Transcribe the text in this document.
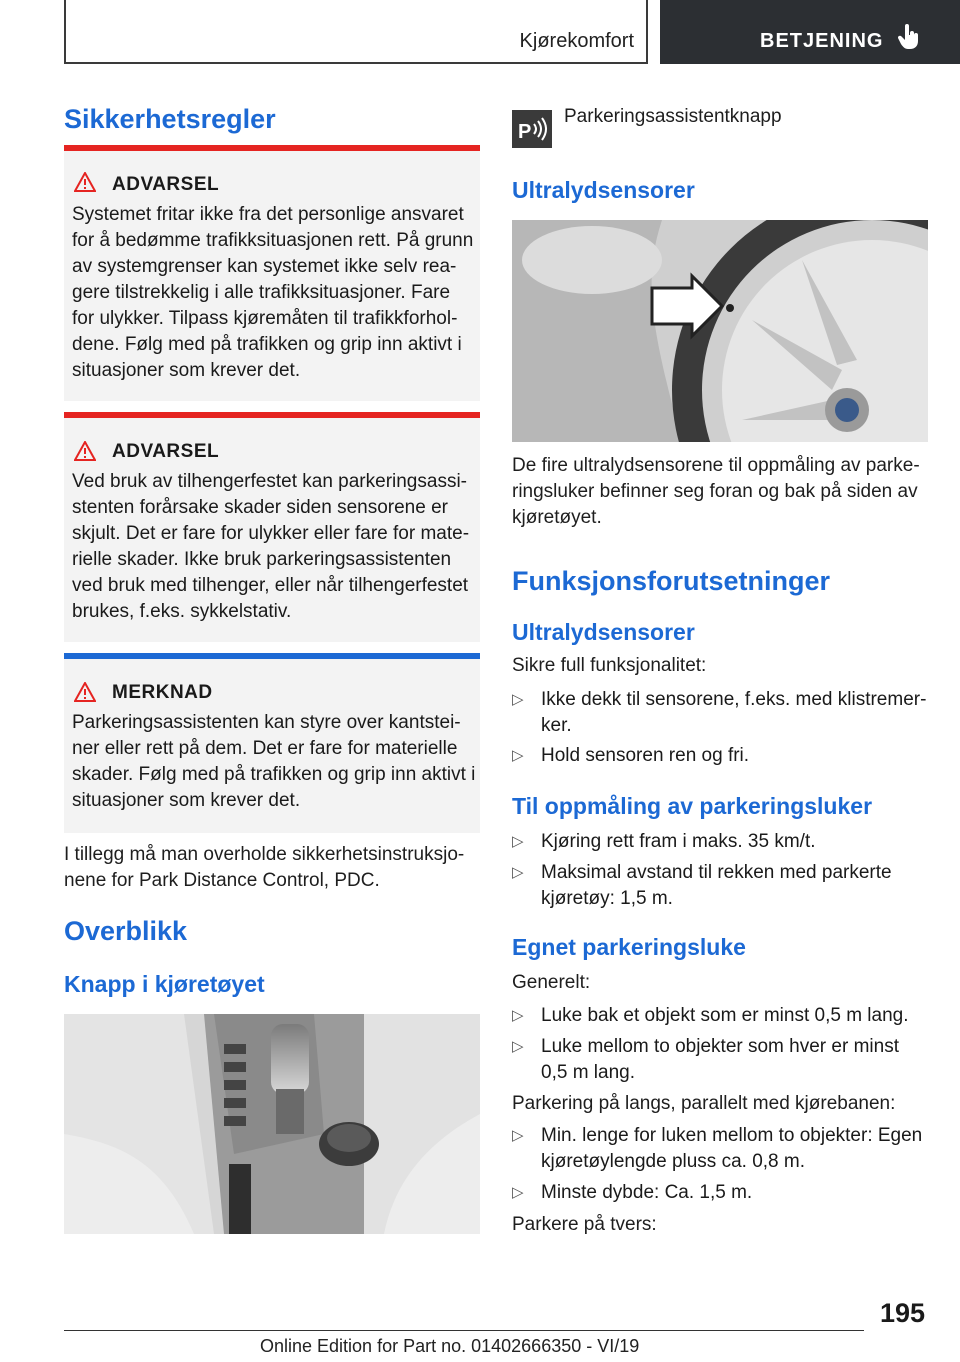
Kjørekomfort	BETJENING
Sikkerhetsregler
ADVARSEL
Systemet fritar ikke fra det personlige ansvaret
for å bedømme trafikksituasjonen rett. På grunn
av systemgrenser kan systemet ikke selv rea-
gere tilstrekkelig i alle trafikksituasjoner. Fare
for ulykker. Tilpass kjøremåten til trafikkforhol-
dene. Følg med på trafikken og grip inn aktivt i
situasjoner som krever det.
ADVARSEL
Ved bruk av tilhengerfestet kan parkeringsassi-
stenten forårsake skader siden sensorene er
skjult. Det er fare for ulykker eller fare for mate-
rielle skader. Ikke bruk parkeringsassistenten
ved bruk med tilhenger, eller når tilhengerfestet
brukes, f.eks. sykkelstativ.
MERKNAD
Parkeringsassistenten kan styre over kantstei-
ner eller rett på dem. Det er fare for materielle
skader. Følg med på trafikken og grip inn aktivt i
situasjoner som krever det.
I tillegg må man overholde sikkerhetsinstruksjo-
nene for Park Distance Control, PDC.
Overblikk
Knapp i kjøretøyet
P
Parkeringsassistentknapp
Ultralydsensorer
De fire ultralydsensorene til oppmåling av parke-
ringsluker befinner seg foran og bak på siden av
kjøretøyet.
Funksjonsforutsetninger
Ultralydsensorer
Sikre full funksjonalitet:
▷ Ikke dekk til sensorene, f.eks. med klistremer-
ker.
▷ Hold sensoren ren og fri.
Til oppmåling av parkeringsluker
▷ Kjøring rett fram i maks. 35 km/t.
▷ Maksimal avstand til rekken med parkerte
kjøretøy: 1,5 m.
Egnet parkeringsluke
Generelt:
▷ Luke bak et objekt som er minst 0,5 m lang.
▷ Luke mellom to objekter som hver er minst
0,5 m lang.
Parkering på langs, parallelt med kjørebanen:
▷ Min. lenge for luken mellom to objekter: Egen
kjøretøylengde pluss ca. 0,8 m.
▷ Minste dybde: Ca. 1,5 m.
Parkere på tvers:
195
Online Edition for Part no. 01402666350 - VI/19
